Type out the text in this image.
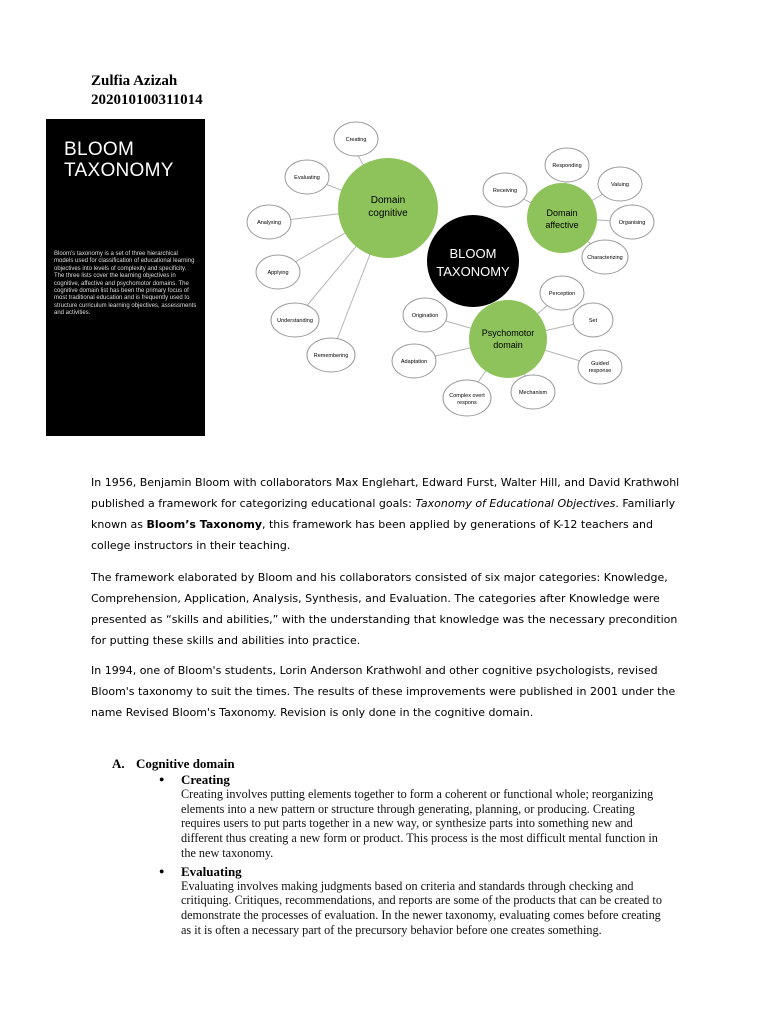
Zulfia Azizah
202010100311014
BLOOM
TAXONOMY
Bloom's taxonomy is a set of three hierarchical models used for classification of educational learning objectives into levels of complexity and specificity. The three lists cover the learning objectives in cognitive, affective and psychomotor domains. The cognitive domain list has been the primary focus of most traditional education and is frequently used to structure curriculum learning objectives, assessments and activities.
Domain
cognitive
BLOOM
TAXONOMY
Domain
affective
Psychomotor
domain
Creating
Evaluating
Analysing
Applying
Understanding
Remembering
Responding
Valuing
Organising
Characterizing
Receiving
Perception
Set
Guided
response
Mechanism
Complex overt
respons
Adaptation
Origination

In 1956, Benjamin Bloom with collaborators Max Englehart, Edward Furst, Walter Hill, and David Krathwohl published a framework for categorizing educational goals: Taxonomy of Educational Objectives. Familiarly known as Bloom’s Taxonomy, this framework has been applied by generations of K-12 teachers and college instructors in their teaching.

The framework elaborated by Bloom and his collaborators consisted of six major categories: Knowledge, Comprehension, Application, Analysis, Synthesis, and Evaluation. The categories after Knowledge were presented as “skills and abilities,” with the understanding that knowledge was the necessary precondition for putting these skills and abilities into practice.

In 1994, one of Bloom's students, Lorin Anderson Krathwohl and other cognitive psychologists, revised Bloom's taxonomy to suit the times. The results of these improvements were published in 2001 under the name Revised Bloom's Taxonomy. Revision is only done in the cognitive domain.

A. Cognitive domain
● Creating
Creating involves putting elements together to form a coherent or functional whole; reorganizing elements into a new pattern or structure through generating, planning, or producing. Creating requires users to put parts together in a new way, or synthesize parts into something new and different thus creating a new form or product. This process is the most difficult mental function in the new taxonomy.
● Evaluating
Evaluating involves making judgments based on criteria and standards through checking and critiquing. Critiques, recommendations, and reports are some of the products that can be created to demonstrate the processes of evaluation. In the newer taxonomy, evaluating comes before creating as it is often a necessary part of the precursory behavior before one creates something.
